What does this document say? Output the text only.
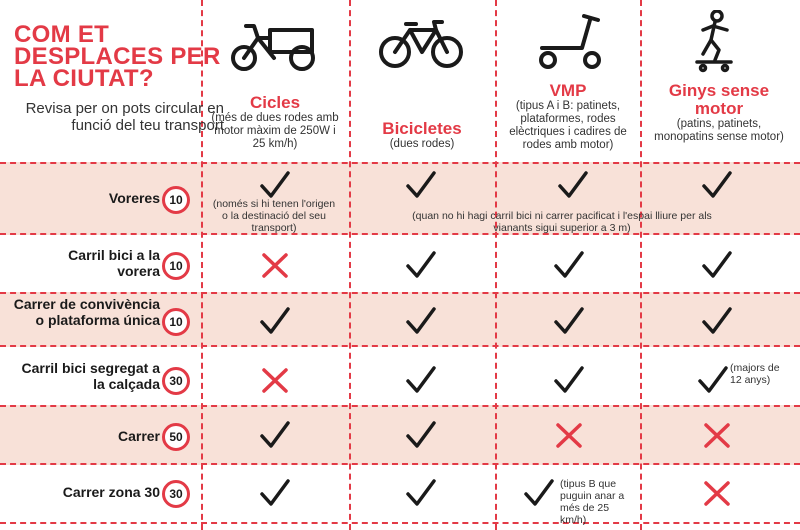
COM ET DESPLACES PER LA CIUTAT?
Revisa per on pots circular en funció del teu transport
Cicles
(més de dues rodes amb motor màxim de 250W i 25 km/h)
Bicicletes
(dues rodes)
VMP
(tipus A i B: patinets, plataformes, rodes elèctriques i cadires de rodes amb motor)
Ginys sense motor
(patins, patinets, monopatins sense motor)
Voreres
Carril bici a la vorera
Carrer de convivència o plataforma única
Carril bici segregat a la calçada
Carrer
Carrer zona 30
10
10
10
30
50
30
(només si hi tenen l'origen o la destinació del seu transport)
(quan no hi hagi carril bici ni carrer pacificat i l'espai lliure per als vianants sigui superior a 3 m)
(majors de 12 anys)
(tipus B que puguin anar a més de 25 km/h)
